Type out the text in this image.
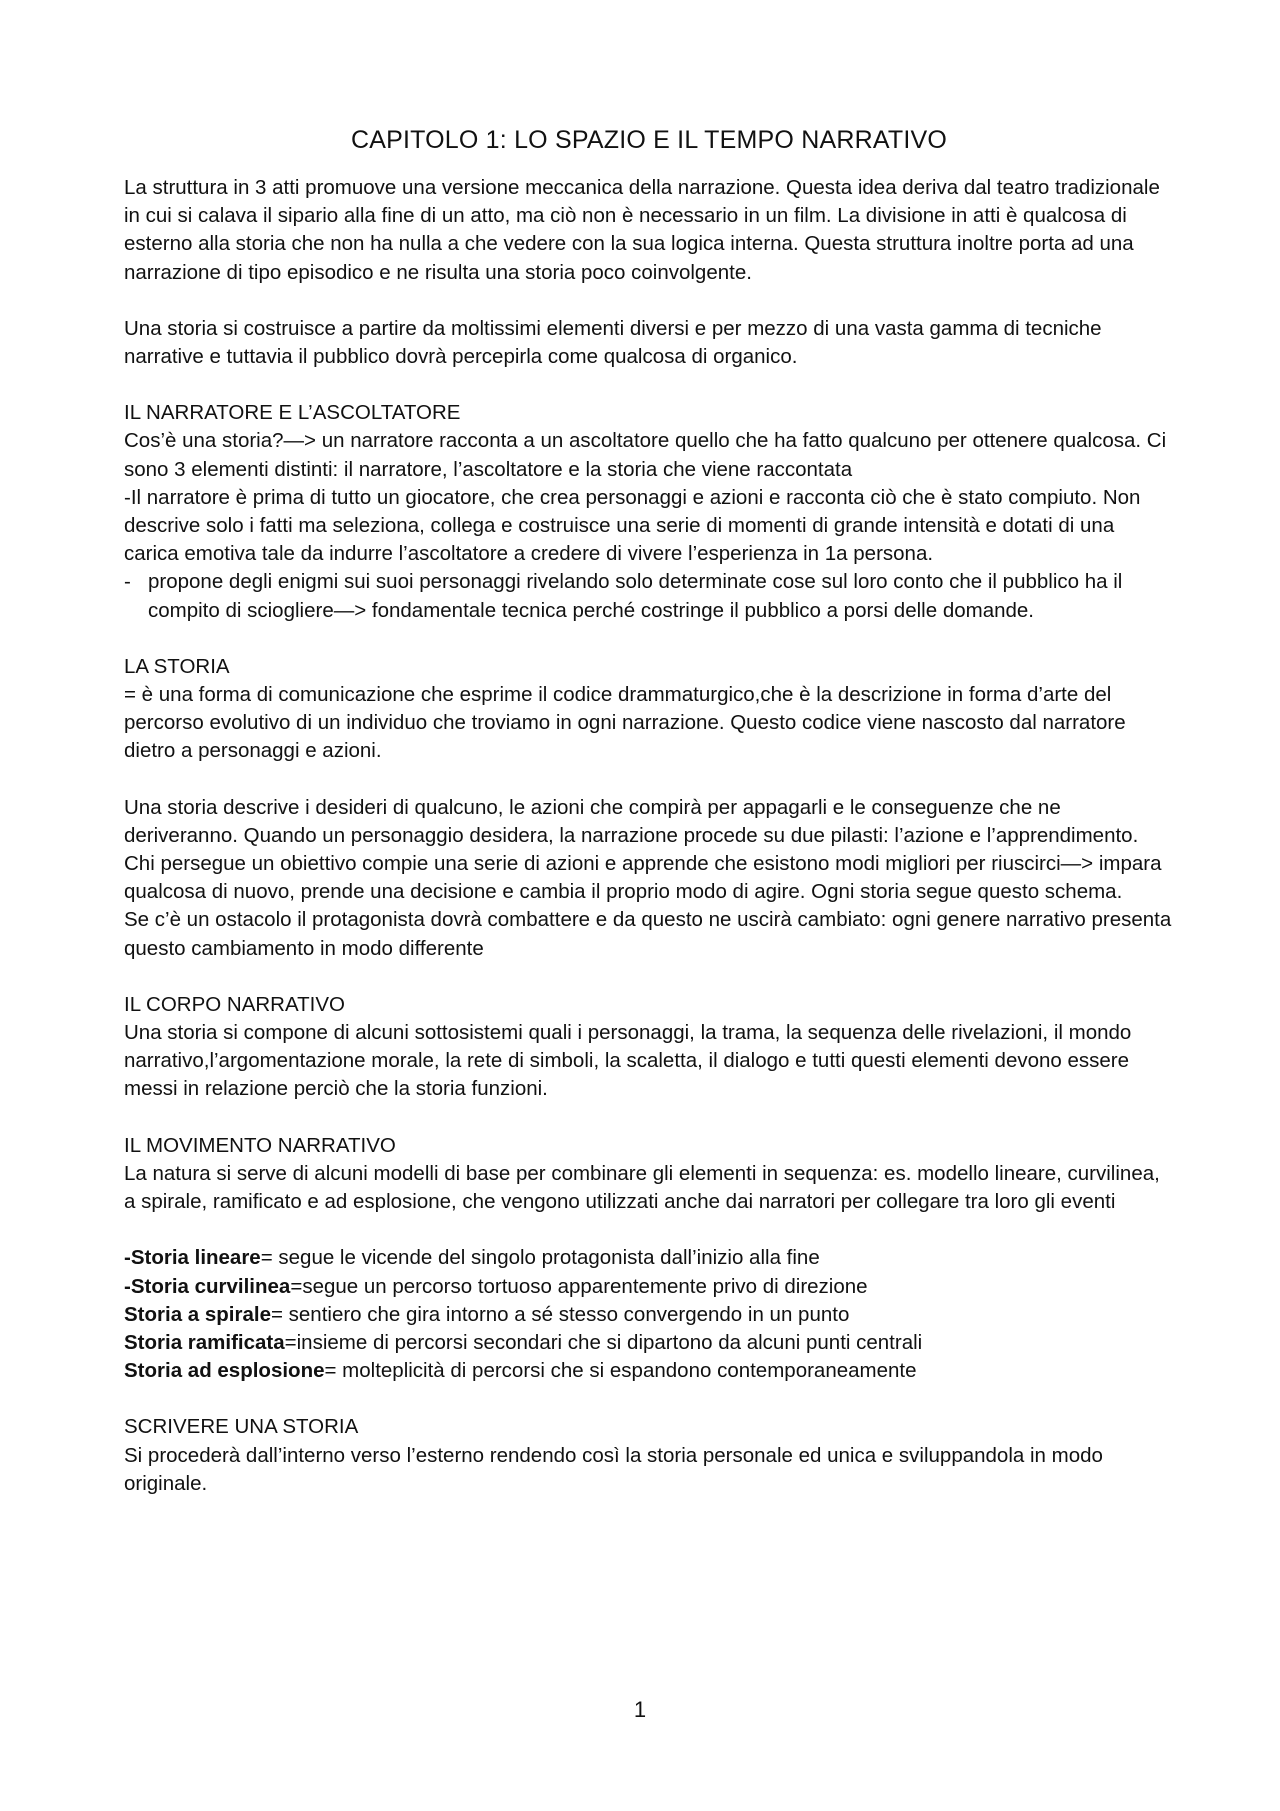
CAPITOLO 1: LO SPAZIO E IL TEMPO NARRATIVO

La struttura in 3 atti promuove una versione meccanica della narrazione. Questa idea deriva dal teatro tradizionale in cui si calava il sipario alla fine di un atto, ma ciò non è necessario in un film. La divisione in atti è qualcosa di esterno alla storia che non ha nulla a che vedere con la sua logica interna. Questa struttura inoltre porta ad una narrazione di tipo episodico e ne risulta una storia poco coinvolgente.

Una storia si costruisce a partire da moltissimi elementi diversi e per mezzo di una vasta gamma di tecniche narrative e tuttavia il pubblico dovrà percepirla come qualcosa di organico.

IL NARRATORE E L’ASCOLTATORE

Cos’è una storia?—> un narratore racconta a un ascoltatore quello che ha fatto qualcuno per ottenere qualcosa. Ci sono 3 elementi distinti: il narratore, l’ascoltatore e la storia che viene raccontata

-Il narratore è prima di tutto un giocatore, che crea personaggi e azioni e racconta ciò che è stato compiuto. Non descrive solo i fatti ma seleziona, collega e costruisce una serie di momenti di grande intensità e dotati di una carica emotiva tale da indurre l’ascoltatore a credere di vivere l’esperienza in 1a persona.

- propone degli enigmi sui suoi personaggi rivelando solo determinate cose sul loro conto che il pubblico ha il compito di sciogliere—> fondamentale tecnica perché costringe il pubblico a porsi delle domande.
LA STORIA

= è una forma di comunicazione che esprime il codice drammaturgico,che è la descrizione in forma d’arte del percorso evolutivo di un individuo che troviamo in ogni narrazione. Questo codice viene nascosto dal narratore dietro a personaggi e azioni.

Una storia descrive i desideri di qualcuno, le azioni che compirà per appagarli e le conseguenze che ne deriveranno. Quando un personaggio desidera, la narrazione procede su due pilasti: l’azione e l’apprendimento. Chi persegue un obiettivo compie una serie di azioni e apprende che esistono modi migliori per riuscirci—> impara qualcosa di nuovo, prende una decisione e cambia il proprio modo di agire. Ogni storia segue questo schema.

Se c’è un ostacolo il protagonista dovrà combattere e da questo ne uscirà cambiato: ogni genere narrativo presenta questo cambiamento in modo differente

IL CORPO NARRATIVO

Una storia si compone di alcuni sottosistemi quali i personaggi, la trama, la sequenza delle rivelazioni, il mondo narrativo,l’argomentazione morale, la rete di simboli, la scaletta, il dialogo e tutti questi elementi devono essere messi in relazione perciò che la storia funzioni.

IL MOVIMENTO NARRATIVO

La natura si serve di alcuni modelli di base per combinare gli elementi in sequenza: es. modello lineare, curvilinea, a spirale, ramificato e ad esplosione, che vengono utilizzati anche dai narratori per collegare tra loro gli eventi

-Storia lineare= segue le vicende del singolo protagonista dall’inizio alla fine
-Storia curvilinea=segue un percorso tortuoso apparentemente privo di direzione
Storia a spirale= sentiero che gira intorno a sé stesso convergendo in un punto
Storia ramificata=insieme di percorsi secondari che si dipartono da alcuni punti centrali
Storia ad esplosione= molteplicità di percorsi che si espandono contemporaneamente
SCRIVERE UNA STORIA

Si procederà dall’interno verso l’esterno rendendo così la storia personale ed unica e sviluppandola in modo originale.

1
